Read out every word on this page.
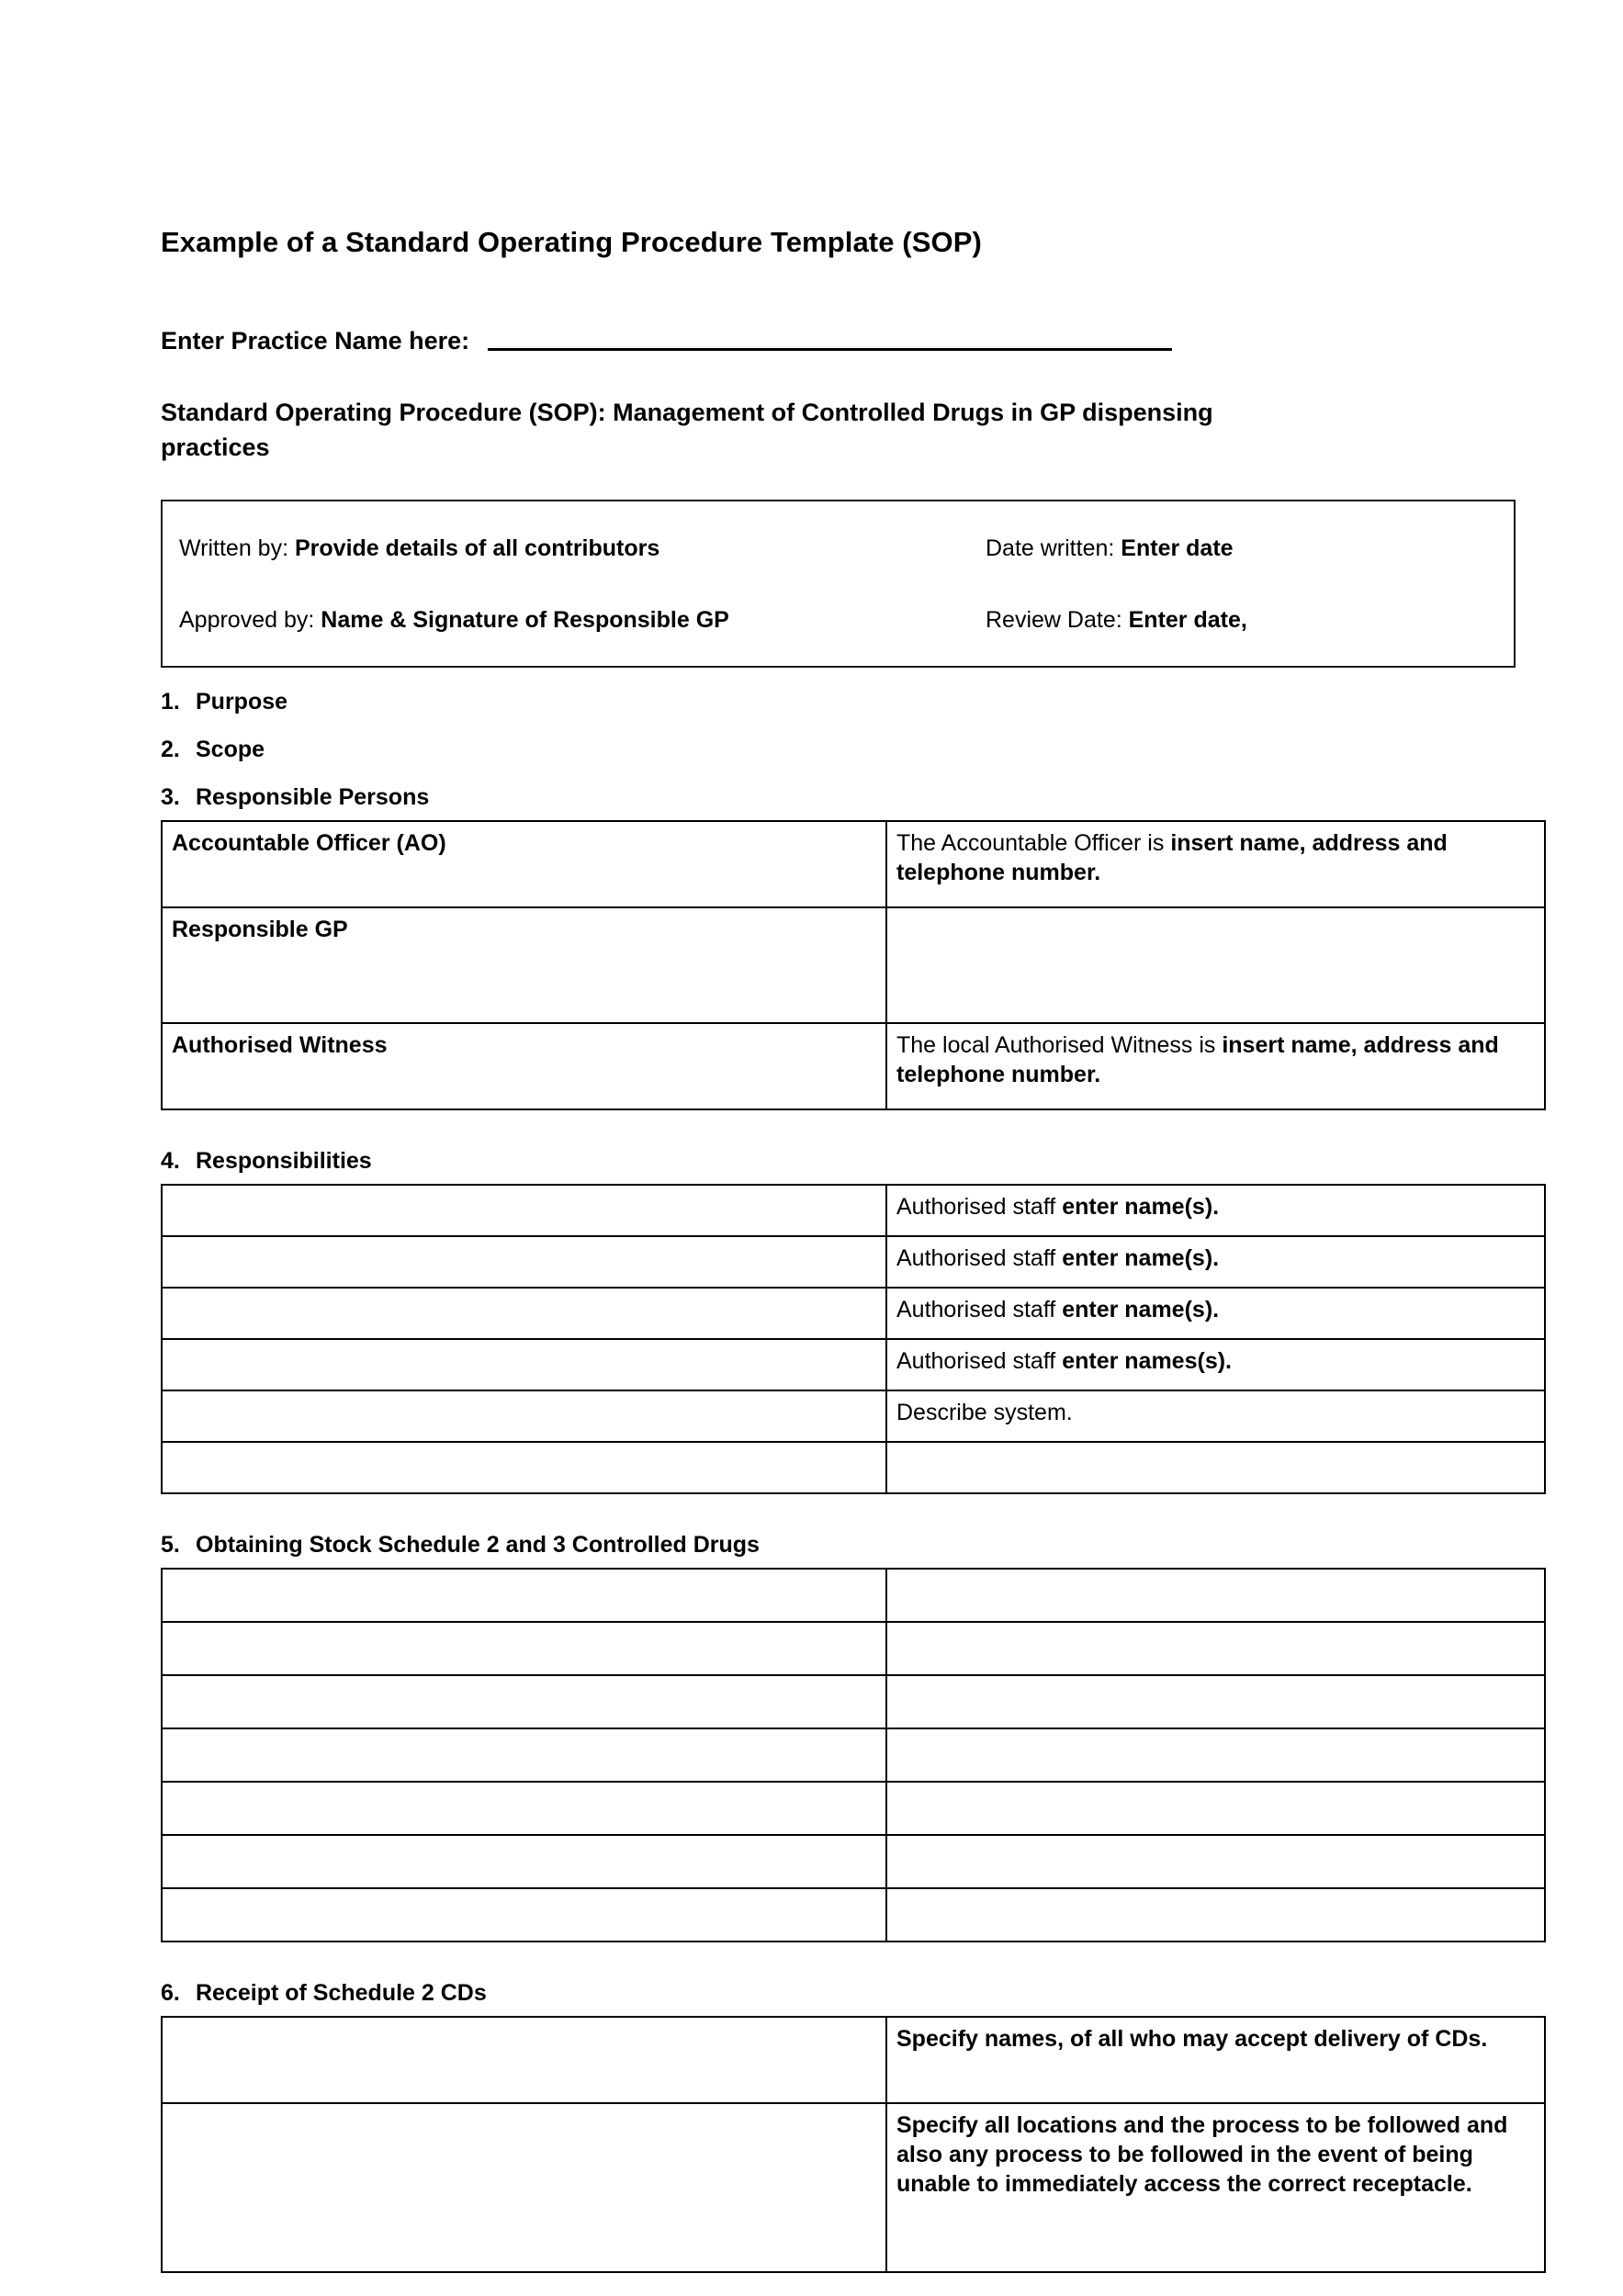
Example of a Standard Operating Procedure Template (SOP)
Enter Practice Name here:
Standard Operating Procedure (SOP): Management of Controlled Drugs in GP dispensing practices
Written by: Provide details of all contributors	Date written: Enter date
Approved by: Name & Signature of Responsible GP	Review Date: Enter date,
1. Purpose
2. Scope
3. Responsible Persons
Accountable Officer (AO)	The Accountable Officer is insert name, address and telephone number.
Responsible GP	
Authorised Witness	The local Authorised Witness is insert name, address and telephone number.
4. Responsibilities
	Authorised staff enter name(s).
	Authorised staff enter name(s).
	Authorised staff enter name(s).
	Authorised staff enter names(s).
	Describe system.

5. Obtaining Stock Schedule 2 and 3 Controlled Drugs

6. Receipt of Schedule 2 CDs
	Specify names, of all who may accept delivery of CDs.
	Specify all locations and the process to be followed and also any process to be followed in the event of being unable to immediately access the correct receptacle.
